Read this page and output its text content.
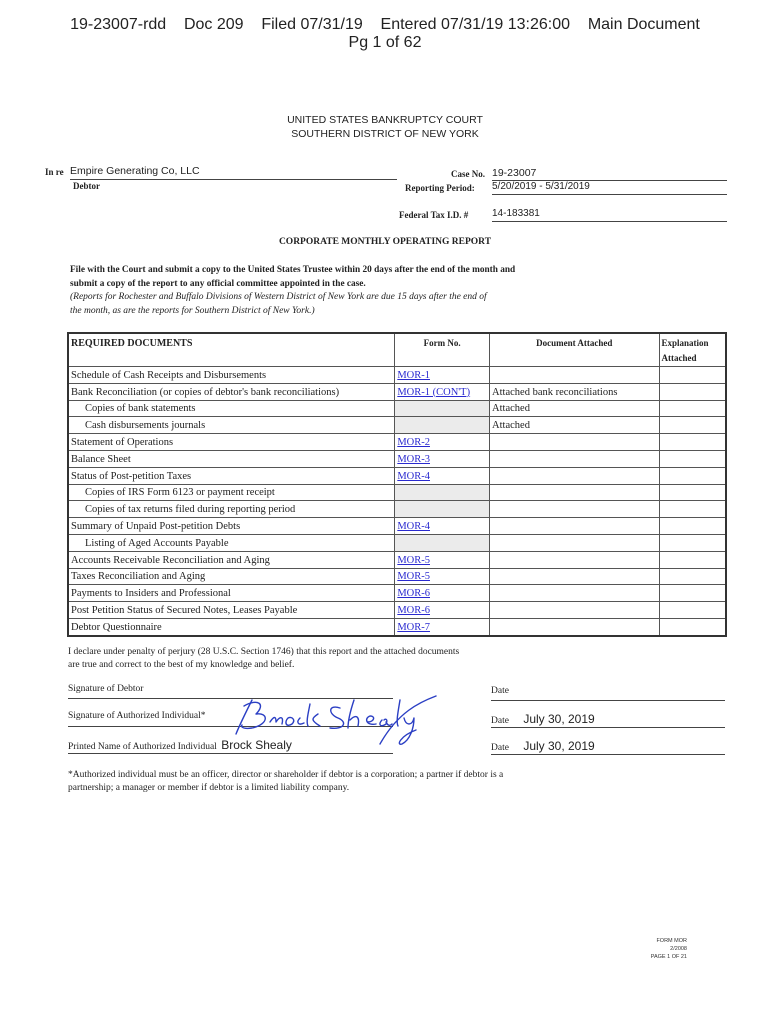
19-23007-rdd    Doc 209    Filed 07/31/19    Entered 07/31/19 13:26:00    Main Document
Pg 1 of 62
UNITED STATES BANKRUPTCY COURT
SOUTHERN DISTRICT OF NEW YORK
In re Empire Generating Co, LLC
Debtor
Case No. 19-23007
Reporting Period: 5/20/2019 - 5/31/2019
Federal Tax I.D. # 14-183381
CORPORATE MONTHLY OPERATING REPORT
File with the Court and submit a copy to the United States Trustee within 20 days after the end of the month and
submit a copy of the report to any official committee appointed in the case.
(Reports for Rochester and Buffalo Divisions of Western District of New York are due 15 days after the end of
the month, as are the reports for Southern District of New York.)
REQUIRED DOCUMENTS	Form No.	Document Attached	Explanation Attached
Schedule of Cash Receipts and Disbursements	MOR-1		
Bank Reconciliation (or copies of debtor's bank reconciliations)	MOR-1 (CON'T)	Attached bank reconciliations	
Copies of bank statements		Attached	
Cash disbursements journals		Attached	
Statement of Operations	MOR-2		
Balance Sheet	MOR-3		
Status of Post-petition Taxes	MOR-4		
Copies of IRS Form 6123 or payment receipt			
Copies of tax returns filed during reporting period			
Summary of Unpaid Post-petition Debts	MOR-4		
Listing of Aged Accounts Payable			
Accounts Receivable Reconciliation and Aging	MOR-5		
Taxes Reconciliation and Aging	MOR-5		
Payments to Insiders and Professional	MOR-6		
Post Petition Status of Secured Notes, Leases Payable	MOR-6		
Debtor Questionnaire	MOR-7		
I declare under penalty of perjury (28 U.S.C. Section 1746) that this report and the attached documents
are true and correct to the best of my knowledge and belief.
Signature of Debtor	Date
Signature of Authorized Individual*	Date July 30, 2019
Printed Name of Authorized Individual Brock Shealy	Date July 30, 2019
*Authorized individual must be an officer, director or shareholder if debtor is a corporation; a partner if debtor is a
partnership; a manager or member if debtor is a limited liability company.
FORM MOR
2/2008
PAGE 1 OF 21
